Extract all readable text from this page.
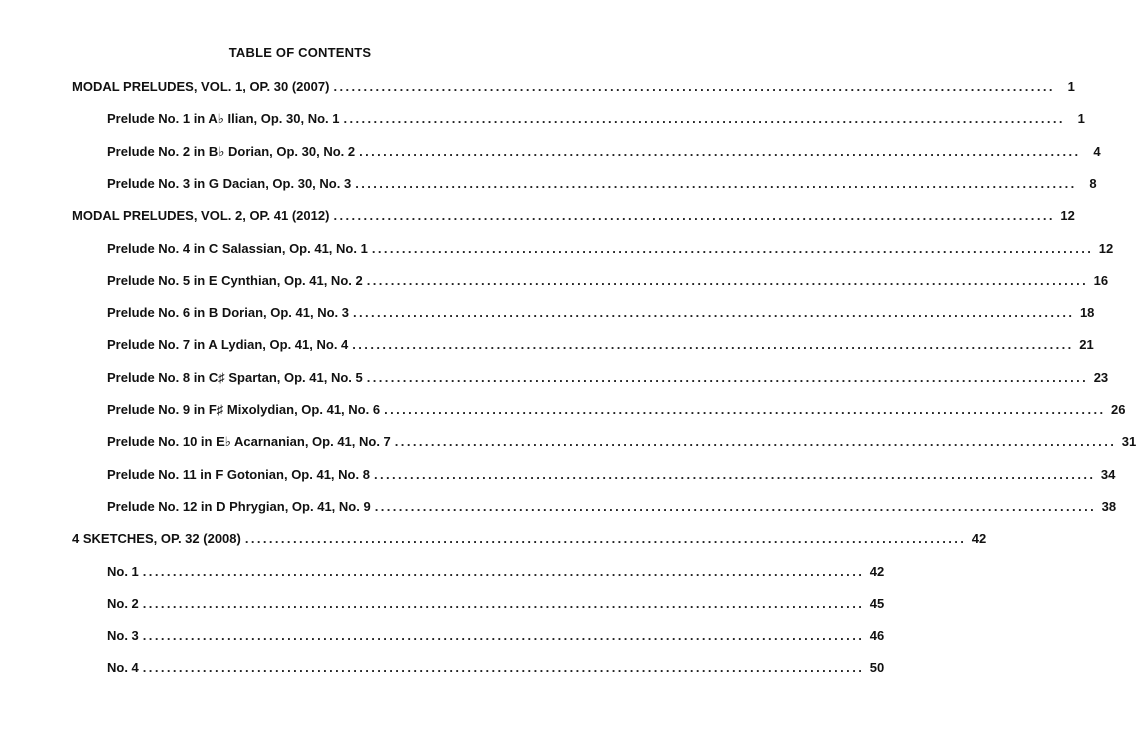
TABLE OF CONTENTS
MODAL PRELUDES, VOL. 1, OP. 30 (2007) ........................................................................................................................ 1
Prelude No. 1 in A♭ Ilian, Op. 30, No. 1 ........................................................................................................................ 1
Prelude No. 2 in B♭ Dorian, Op. 30, No. 2 ........................................................................................................................ 4
Prelude No. 3 in G Dacian, Op. 30, No. 3 ........................................................................................................................ 8
MODAL PRELUDES, VOL. 2, OP. 41 (2012) ........................................................................................................................ 12
Prelude No. 4 in C Salassian, Op. 41, No. 1 ........................................................................................................................ 12
Prelude No. 5 in E Cynthian, Op. 41, No. 2 ........................................................................................................................ 16
Prelude No. 6 in B Dorian, Op. 41, No. 3 ........................................................................................................................ 18
Prelude No. 7 in A Lydian, Op. 41, No. 4 ........................................................................................................................ 21
Prelude No. 8 in C♯ Spartan, Op. 41, No. 5 ........................................................................................................................ 23
Prelude No. 9 in F♯ Mixolydian, Op. 41, No. 6 ........................................................................................................................ 26
Prelude No. 10 in E♭ Acarnanian, Op. 41, No. 7 ........................................................................................................................ 31
Prelude No. 11 in F Gotonian, Op. 41, No. 8 ........................................................................................................................ 34
Prelude No. 12 in D Phrygian, Op. 41, No. 9 ........................................................................................................................ 38
4 SKETCHES, OP. 32 (2008) ........................................................................................................................ 42
No. 1 ........................................................................................................................ 42
No. 2 ........................................................................................................................ 45
No. 3 ........................................................................................................................ 46
No. 4 ........................................................................................................................ 50
